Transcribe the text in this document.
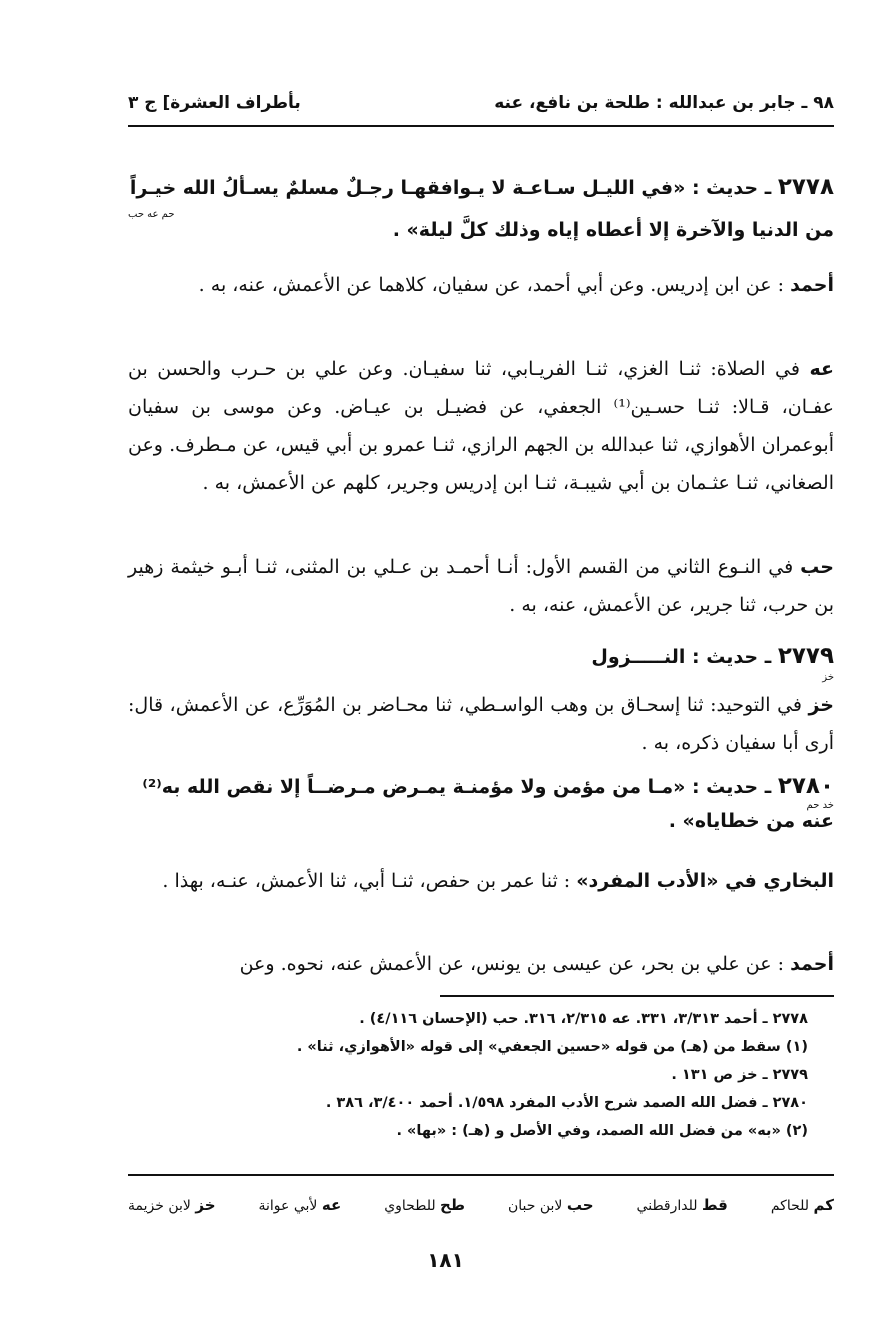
بأطراف العشرة] ج ٣	٩٨ ـ جابر بن عبدالله : طلحة بن نافع، عنه
٢٧٧٨ ـ حديث : «في الليـل سـاعـة لا يـوافقهـا رجـلٌ مسلمٌ يسـألُ الله خيـراً
حم عه حب
من الدنيا والآخرة إلا أعطاه إياه وذلك كلَّ ليلة» .
أحمد : عن ابن إدريس. وعن أبي أحمد، عن سفيان، كلاهما عن الأعمش، عنه، به .
عه في الصلاة: ثنـا الغزي، ثنـا الفريـابي، ثنا سفيـان. وعن علي بن حـرب والحسن بن عفـان، قـالا: ثنـا حسـين⁽¹⁾ الجعفي، عن فضيـل بن عيـاض. وعن موسى بن سفيان أبوعمران الأهوازي، ثنا عبدالله بن الجهم الرازي، ثنـا عمرو بن أبي قيس، عن مـطرف. وعن الصغاني، ثنـا عثـمان بن أبي شيبـة، ثنـا ابن إدريس وجرير، كلهم عن الأعمش، به .
حب في النـوع الثاني من القسم الأول: أنـا أحمـد بن عـلي بن المثنى، ثنـا أبـو خيثمة زهير بن حرب، ثنا جرير، عن الأعمش، عنه، به .
٢٧٧٩ ـ حديث : النـــــزول
خز
خز في التوحيد: ثنا إسحـاق بن وهب الواسـطي، ثنا محـاضر بن المُوَرِّع، عن الأعمش، قال: أرى أبا سفيان ذكره، به .
٢٧٨٠ ـ حديث : «مـا من مؤمن ولا مؤمنـة يمـرض مـرضــاً إلا نقص الله به⁽²⁾
خد حم
عنه من خطاياه» .
البخاري في «الأدب المفرد» : ثنا عمر بن حفص، ثنـا أبي، ثنا الأعمش، عنـه، بهذا .
أحمد : عن علي بن بحر، عن عيسى بن يونس، عن الأعمش عنه، نحوه. وعن
٢٧٧٨ ـ أحمد ٣/٣١٣، ٣٣١. عه ٢/٣١٥، ٣١٦. حب (الإحسان ٤/١١٦) .
(١) سقط من (هـ) من قوله «حسين الجعفي» إلى قوله «الأهوازي، ثنا» .
٢٧٧٩ ـ خز ص ١٣١ .
٢٧٨٠ ـ فضل الله الصمد شرح الأدب المفرد ١/٥٩٨. أحمد ٣/٤٠٠، ٣٨٦ .
(٢) «به» من فضل الله الصمد، وفي الأصل و (هـ) : «بها» .
خز لابن خزيمة	عه لأبي عوانة	طح للطحاوي	حب لابن حبان	قط للدارقطني	كم للحاكم
١٨١
